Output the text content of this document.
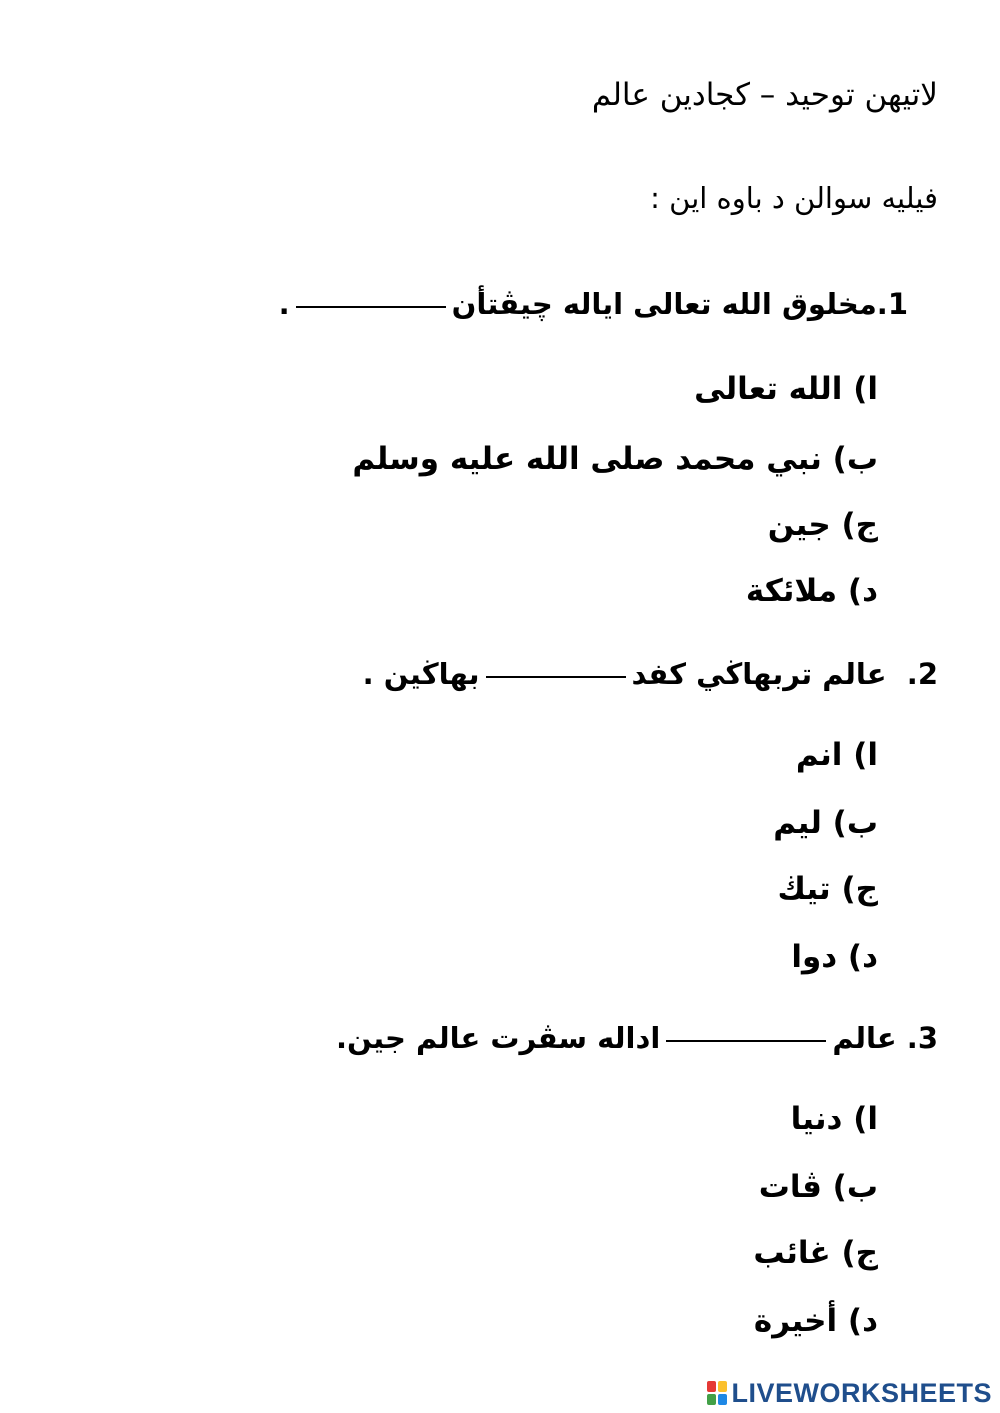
لاتيهن توحيد – كجادين عالم
فيليه سوالن د باوه اين :
1.مخلوق الله تعالى اياله چيڤتأن.
ا) الله تعالى
ب) نبي محمد صلى الله عليه وسلم
ج) جين
د) ملائكة
2.  عالم تربهاڬي كفدبهاڬين .
ا) انم
ب) ليم
ج) تيڬ
د) دوا
3. عالماداله سڤرت عالم جين.
ا) دنيا
ب) ڤات
ج) غائب
د) أخيرة
LIVEWORKSHEETS
